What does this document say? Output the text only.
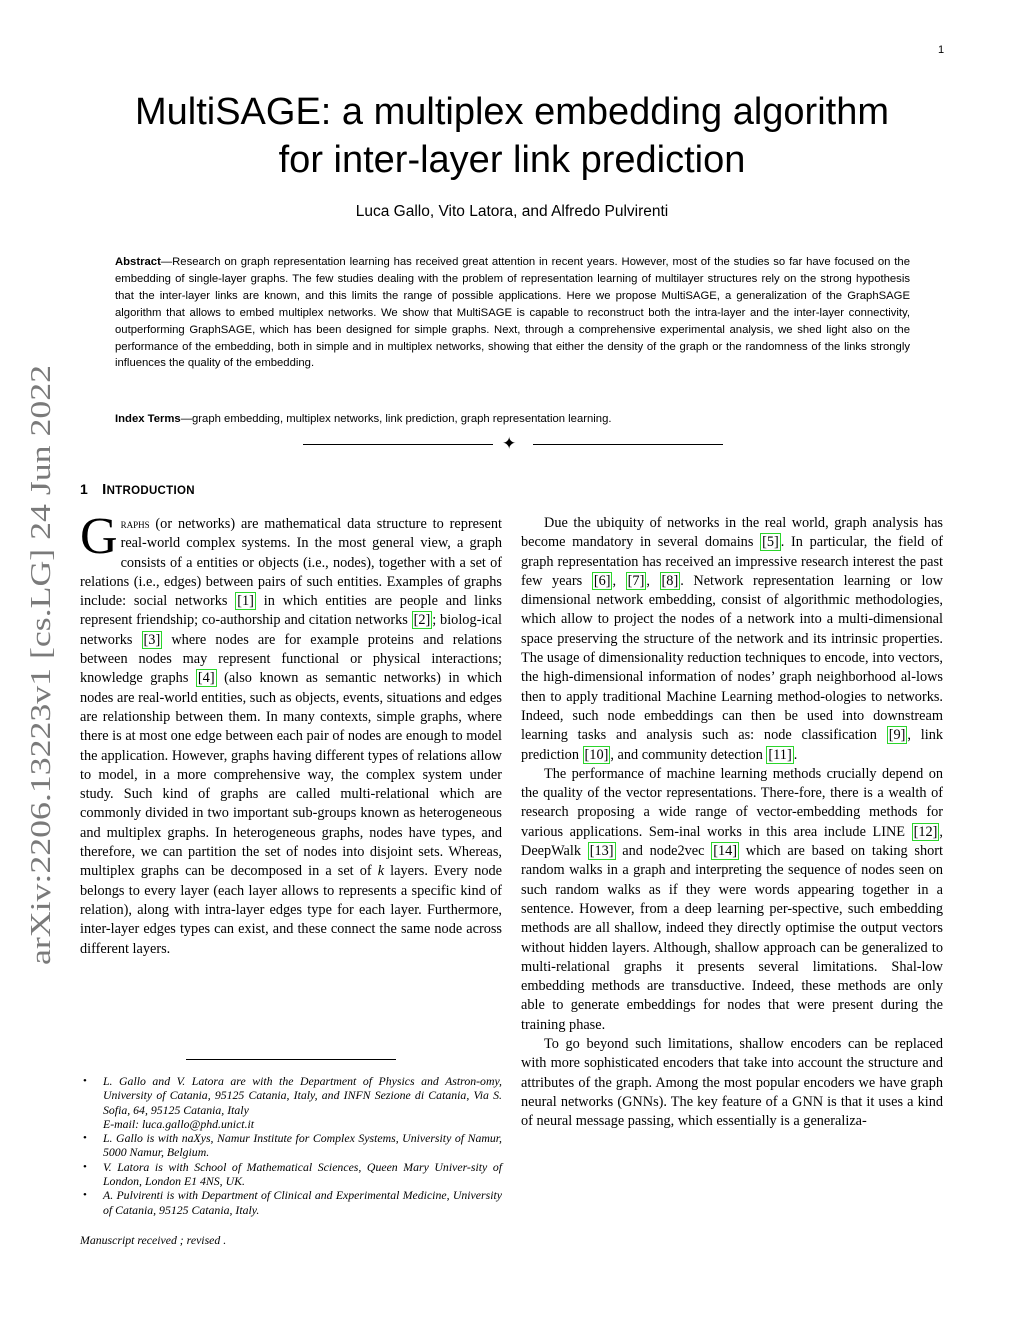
1
arXiv:2206.13223v1 [cs.LG] 24 Jun 2022
MultiSAGE: a multiplex embedding algorithm
for inter-layer link prediction
Luca Gallo, Vito Latora, and Alfredo Pulvirenti

Abstract—Research on graph representation learning has received great attention in recent years. However, most of the studies so far have focused on the embedding of single-layer graphs. The few studies dealing with the problem of representation learning of multilayer structures rely on the strong hypothesis that the inter-layer links are known, and this limits the range of possible applications. Here we propose MultiSAGE, a generalization of the GraphSAGE algorithm that allows to embed multiplex networks. We show that MultiSAGE is capable to reconstruct both the intra-layer and the inter-layer connectivity, outperforming GraphSAGE, which has been designed for simple graphs. Next, through a comprehensive experimental analysis, we shed light also on the performance of the embedding, both in simple and in multiplex networks, showing that either the density of the graph or the randomness of the links strongly influences the quality of the embedding.

Index Terms—graph embedding, multiplex networks, link prediction, graph representation learning.

✦
1 INTRODUCTION

Graphs (or networks) are mathematical data structure to represent real-world complex systems. In the most general view, a graph consists of a entities or objects (i.e., nodes), together with a set of relations (i.e., edges) between pairs of such entities. Examples of graphs include: social networks [1] in which entities are people and links represent friendship; co-authorship and citation networks [2] ; biolog-ical networks [3] where nodes are for example proteins and relations between nodes may represent functional or physical interactions; knowledge graphs [4] (also known as semantic networks) in which nodes are real-world entities, such as objects, events, situations and edges are relationship between them. In many contexts, simple graphs, where there is at most one edge between each pair of nodes are enough to model the application. However, graphs having different types of relations allow to model, in a more comprehensive way, the complex system under study. Such kind of graphs are called multi-relational which are commonly divided in two important sub-groups known as heterogeneous and multiplex graphs. In heterogeneous graphs, nodes have types, and therefore, we can partition the set of nodes into disjoint sets. Whereas, multiplex graphs can be decomposed in a set of k layers. Every node belongs to every layer (each layer allows to represents a specific kind of relation), along with intra-layer edges type for each layer. Furthermore, inter-layer edges types can exist, and these connect the same node across different layers.

Due the ubiquity of networks in the real world, graph analysis has become mandatory in several domains [5] . In particular, the field of graph representation has received an impressive research interest the past few years [6] , [7] , [8] . Network representation learning or low dimensional network embedding, consist of algorithmic methodologies, which allow to project the nodes of a network into a multi-dimensional space preserving the structure of the network and its intrinsic properties. The usage of dimensionality reduction techniques to encode, into vectors, the high-dimensional information of nodes’ graph neighborhood al-lows then to apply traditional Machine Learning method-ologies to networks. Indeed, such node embeddings can then be used into downstream learning tasks and analysis such as: node classification [9] , link prediction [10] , and community detection [11] .

The performance of machine learning methods crucially depend on the quality of the vector representations. There-fore, there is a wealth of research proposing a wide range of vector-embedding methods for various applications. Sem-inal works in this area include LINE [12] , DeepWalk [13] and node2vec [14] which are based on taking short random walks in a graph and interpreting the sequence of nodes seen on such random walks as if they were words appearing together in a sentence. However, from a deep learning per-spective, such embedding methods are all shallow, indeed they directly optimise the output vectors without hidden layers. Although, shallow approach can be generalized to multi-relational graphs it presents several limitations. Shal-low embedding methods are transductive. Indeed, these methods are only able to generate embeddings for nodes that were present during the training phase.

To go beyond such limitations, shallow encoders can be replaced with more sophisticated encoders that take into account the structure and attributes of the graph. Among the most popular encoders we have graph neural networks (GNNs). The key feature of a GNN is that it uses a kind of neural message passing, which essentially is a generaliza-

• L. Gallo and V. Latora are with the Department of Physics and Astron-omy, University of Catania, 95125 Catania, Italy, and INFN Sezione di Catania, Via S. Sofia, 64, 95125 Catania, Italy
E-mail: luca.gallo@phd.unict.it
• L. Gallo is with naXys, Namur Institute for Complex Systems, University of Namur, 5000 Namur, Belgium.
• V. Latora is with School of Mathematical Sciences, Queen Mary Univer-sity of London, London E1 4NS, UK.
• A. Pulvirenti is with Department of Clinical and Experimental Medicine, University of Catania, 95125 Catania, Italy.
Manuscript received ; revised .
